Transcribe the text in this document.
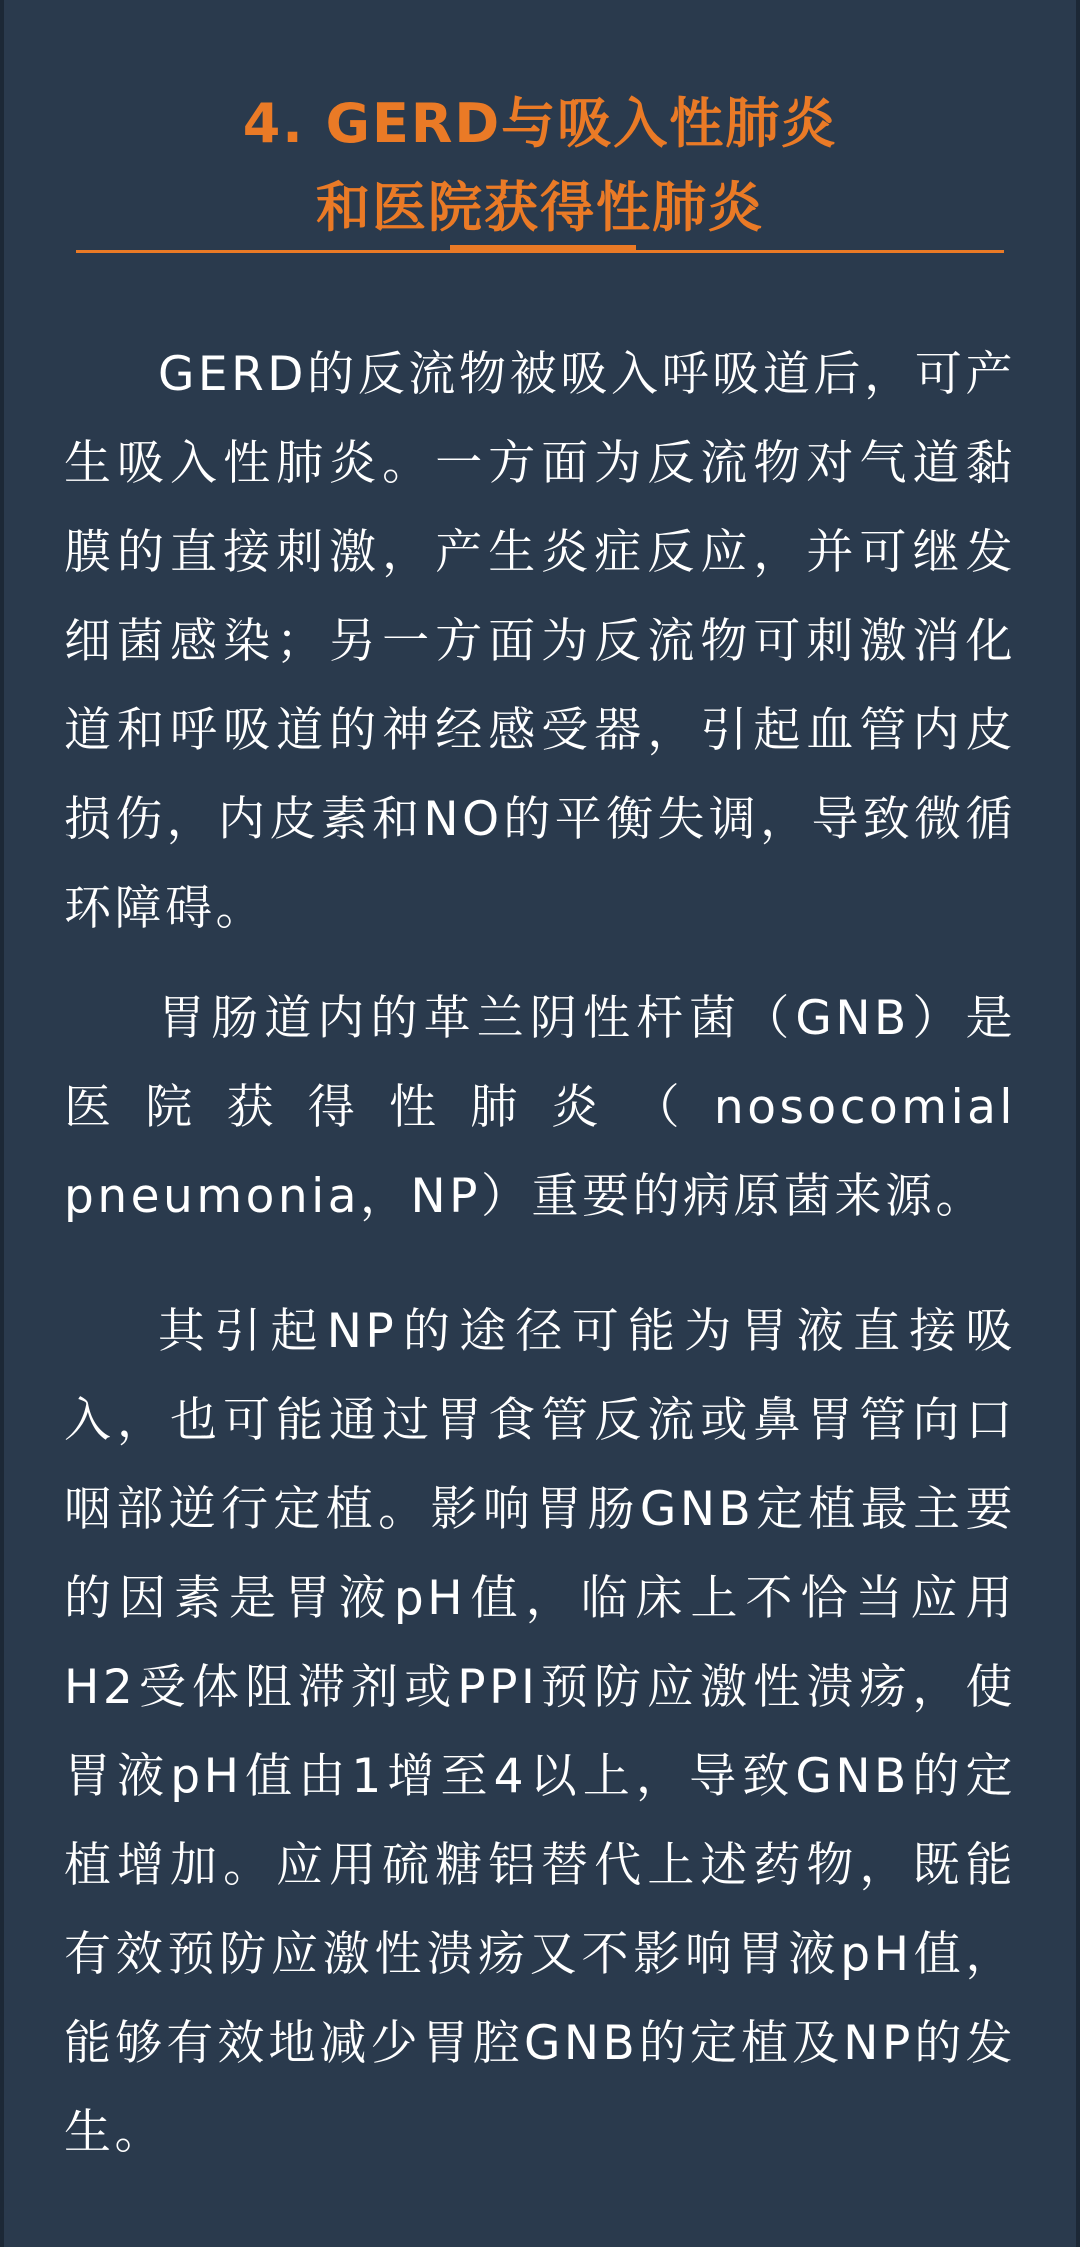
4. GERD与吸入性肺炎
和医院获得性肺炎

GERD的反流物被吸入呼吸道后，可产生吸入性肺炎。一方面为反流物对气道黏膜的直接刺激，产生炎症反应，并可继发细菌感染；另一方面为反流物可刺激消化道和呼吸道的神经感受器，引起血管内皮损伤，内皮素和NO的平衡失调，导致微循环障碍。

胃肠道内的革兰阴性杆菌（GNB）是医院获得性肺炎（nosocomial pneumonia，NP）重要的病原菌来源。

其引起NP的途径可能为胃液直接吸入，也可能通过胃食管反流或鼻胃管向口咽部逆行定植。影响胃肠GNB定植最主要的因素是胃液pH值，临床上不恰当应用H2受体阻滞剂或PPI预防应激性溃疡，使胃液pH值由1增至4以上，导致GNB的定植增加。应用硫糖铝替代上述药物，既能有效预防应激性溃疡又不影响胃液pH值，能够有效地减少胃腔GNB的定植及NP的发生。
